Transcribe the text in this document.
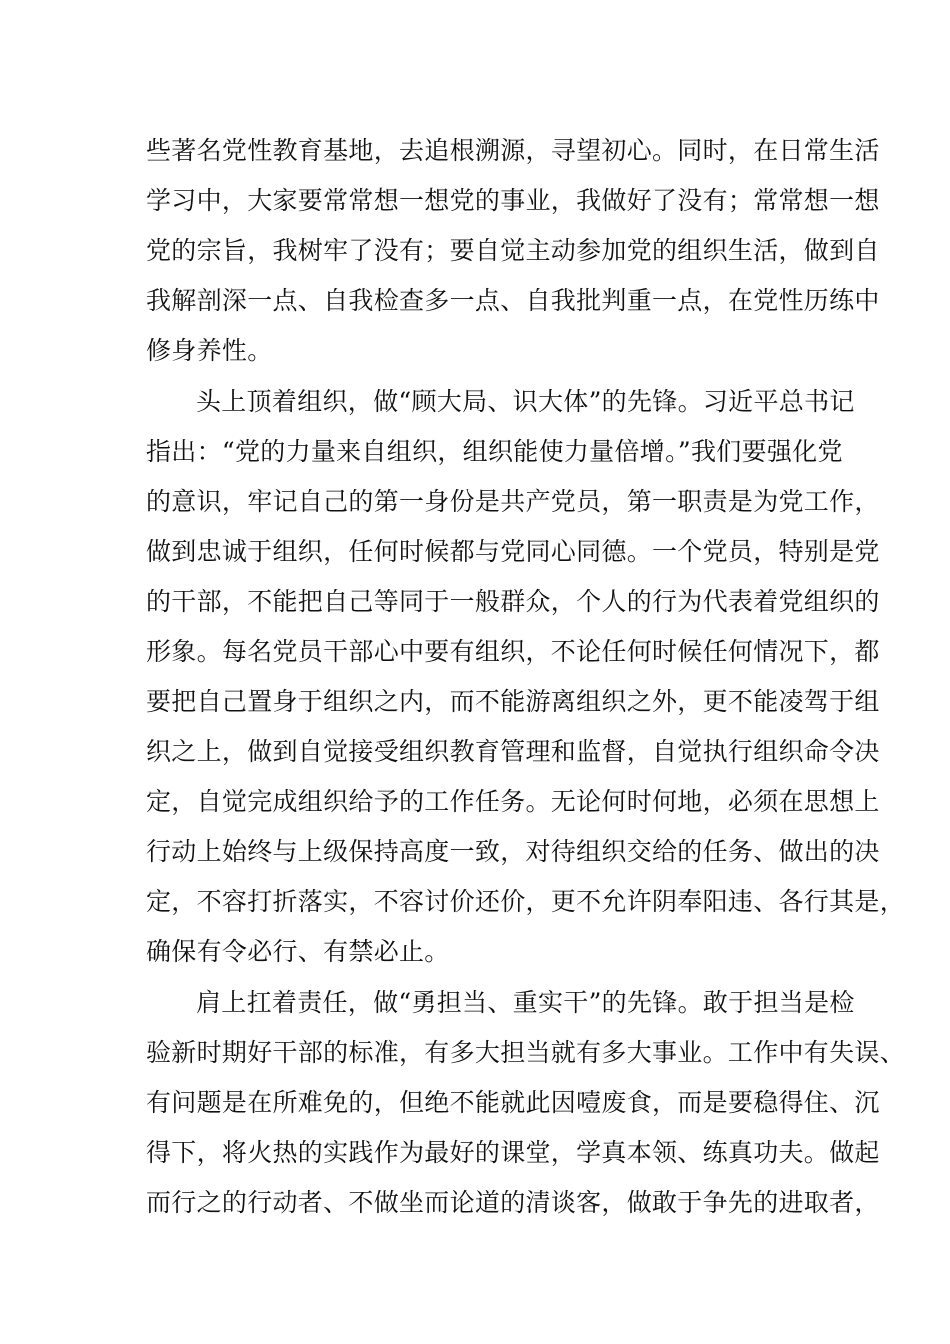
些著名党性教育基地，去追根溯源，寻望初心。同时，在日常生活
学习中，大家要常常想一想党的事业，我做好了没有；常常想一想
党的宗旨，我树牢了没有；要自觉主动参加党的组织生活，做到自
我解剖深一点、自我检查多一点、自我批判重一点，在党性历练中
修身养性。
头上顶着组织，做“顾大局、识大体”的先锋。习近平总书记
指出：“党的力量来自组织，组织能使力量倍增。”我们要强化党
的意识，牢记自己的第一身份是共产党员，第一职责是为党工作，
做到忠诚于组织，任何时候都与党同心同德。一个党员，特别是党
的干部，不能把自己等同于一般群众，个人的行为代表着党组织的
形象。每名党员干部心中要有组织，不论任何时候任何情况下，都
要把自己置身于组织之内，而不能游离组织之外，更不能凌驾于组
织之上，做到自觉接受组织教育管理和监督，自觉执行组织命令决
定，自觉完成组织给予的工作任务。无论何时何地，必须在思想上
行动上始终与上级保持高度一致，对待组织交给的任务、做出的决
定，不容打折落实，不容讨价还价，更不允许阴奉阳违、各行其是，
确保有令必行、有禁必止。
肩上扛着责任，做“勇担当、重实干”的先锋。敢于担当是检
验新时期好干部的标准，有多大担当就有多大事业。工作中有失误、
有问题是在所难免的，但绝不能就此因噎废食，而是要稳得住、沉
得下，将火热的实践作为最好的课堂，学真本领、练真功夫。做起
而行之的行动者、不做坐而论道的清谈客，做敢于争先的进取者，
